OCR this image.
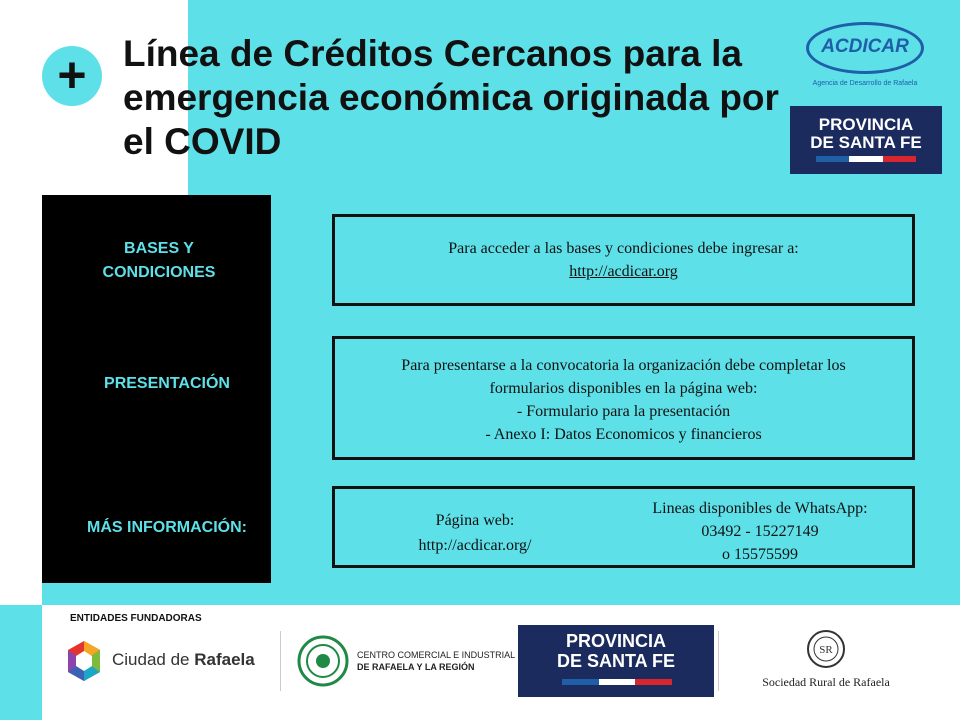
+ Línea de Créditos Cercanos para la emergencia económica originada por el COVID
ACDICAR
Agencia de Desarrollo de Rafaela
PROVINCIA
DE SANTA FE
BASES Y CONDICIONES
PRESENTACIÓN
MÁS INFORMACIÓN:
Para acceder a las bases y condiciones debe ingresar a:
http://acdicar.org
Para presentarse a la convocatoria la organización debe completar los
formularios disponibles en la página web:
- Formulario para la presentación
- Anexo I: Datos Economicos y financieros
Página web:
http://acdicar.org/
Lineas disponibles de WhatsApp:
03492 - 15227149
o 15575599
ENTIDADES FUNDADORAS
Ciudad de Rafaela	CENTRO COMERCIAL E INDUSTRIAL
DE RAFAELA Y LA REGIÓN
PROVINCIA
DE SANTA FE
SR
Sociedad Rural de Rafaela
